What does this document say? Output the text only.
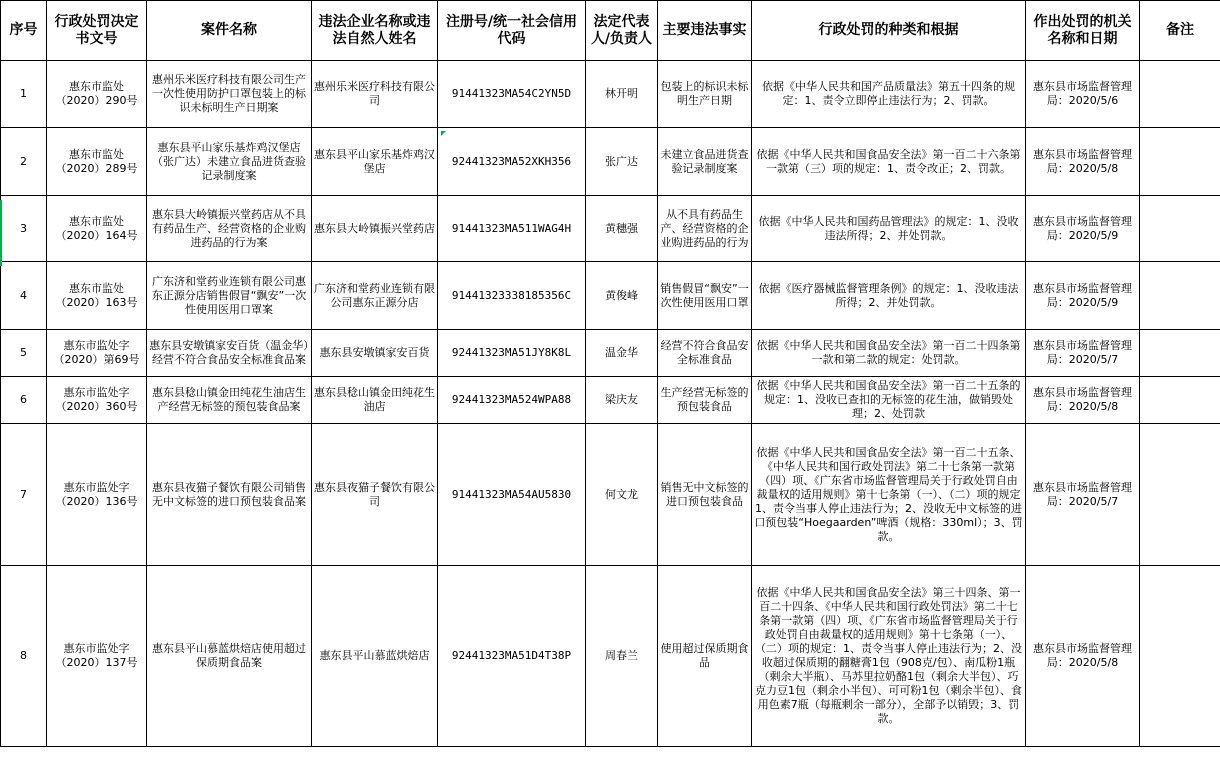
序号	行政处罚决定书文号	案件名称	违法企业名称或违法自然人姓名	注册号/统一社会信用代码	法定代表人/负责人	主要违法事实	行政处罚的种类和根据	作出处罚的机关名称和日期	备注
1	惠东市监处（2020）290号	惠州乐米医疗科技有限公司生产一次性使用防护口罩包装上的标识未标明生产日期案	惠州乐米医疗科技有限公司	91441323MA54C2YN5D	林开明	包装上的标识未标明生产日期	依据《中华人民共和国产品质量法》第五十四条的规定：1、责令立即停止违法行为；2、罚款。	惠东县市场监督管理局：2020/5/6	
2	惠东市监处（2020）289号	惠东县平山家乐基炸鸡汉堡店（张广达）未建立食品进货查验记录制度案	惠东县平山家乐基炸鸡汉堡店	92441323MA52XKH356	张广达	未建立食品进货查验记录制度案	依据《中华人民共和国食品安全法》第一百二十六条第一款第（三）项的规定：1、责令改正；2、罚款。	惠东县市场监督管理局：2020/5/8	
3	惠东市监处（2020）164号	惠东县大岭镇振兴堂药店从不具有药品生产、经营资格的企业购进药品的行为案	惠东县大岭镇振兴堂药店	91441323MA511WAG4H	黄穗强	从不具有药品生产、经营资格的企业购进药品的行为	依据《中华人民共和国药品管理法》的规定：1、没收违法所得；2、并处罚款。	惠东县市场监督管理局：2020/5/9	
4	惠东市监处（2020）163号	广东济和堂药业连锁有限公司惠东正源分店销售假冒“飘安”一次性使用医用口罩案	广东济和堂药业连锁有限公司惠东正源分店	91441323338185356C	黄俊峰	销售假冒“飘安”一次性使用医用口罩	依据《医疗器械监督管理条例》的规定：1、没收违法所得；2、并处罚款。	惠东县市场监督管理局：2020/5/9	
5	惠东市监处字（2020）第69号	惠东县安墩镇家安百货（温金华）经营不符合食品安全标准食品案	惠东县安墩镇家安百货	92441323MA51JY8K8L	温金华	经营不符合食品安全标准食品	依据《中华人民共和国食品安全法》第一百二十四条第一款和第二款的规定：处罚款。	惠东县市场监督管理局：2020/5/7	
6	惠东市监处字（2020）360号	惠东县稔山镇金田纯花生油店生产经营无标签的预包装食品案	惠东县稔山镇金田纯花生油店	92441323MA524WPA88	梁庆友	生产经营无标签的预包装食品	依据《中华人民共和国食品安全法》第一百二十五条的规定：1、没收已查扣的无标签的花生油，做销毁处理；2、处罚款	惠东县市场监督管理局：2020/5/8	
7	惠东市监处字（2020）136号	惠东县夜猫子餐饮有限公司销售无中文标签的进口预包装食品案	惠东县夜猫子餐饮有限公司	91441323MA54AU5830	何文龙	销售无中文标签的进口预包装食品	依据《中华人民共和国食品安全法》第一百二十五条、《中华人民共和国行政处罚法》第二十七条第一款第（四）项、《广东省市场监督管理局关于行政处罚自由裁量权的适用规则》第十七条第（一）、（二）项的规定1、责令当事人停止违法行为；2、没收无中文标签的进口预包装“Hoegaarden”啤酒（规格：330ml）；3、罚款。	惠东县市场监督管理局：2020/5/7	
8	惠东市监处字（2020）137号	惠东县平山慕蓝烘焙店使用超过保质期食品案	惠东县平山慕蓝烘焙店	92441323MA51D4T38P	周春兰	使用超过保质期食品	依据《中华人民共和国食品安全法》第三十四条、第一百二十四条、《中华人民共和国行政处罚法》第二十七条第一款第（四）项、《广东省市场监督管理局关于行政处罚自由裁量权的适用规则》第十七条第（一）、（二）项的规定：1、责令当事人停止违法行为；2、没收超过保质期的翻糖膏1包（908克/包）、南瓜粉1瓶（剩余大半瓶）、马苏里拉奶酪1包（剩余大半包）、巧克力豆1包（剩余小半包）、可可粉1包（剩余半包）、食用色素7瓶（每瓶剩余一部分），全部予以销毁；3、罚款。	惠东县市场监督管理局：2020/5/8	
